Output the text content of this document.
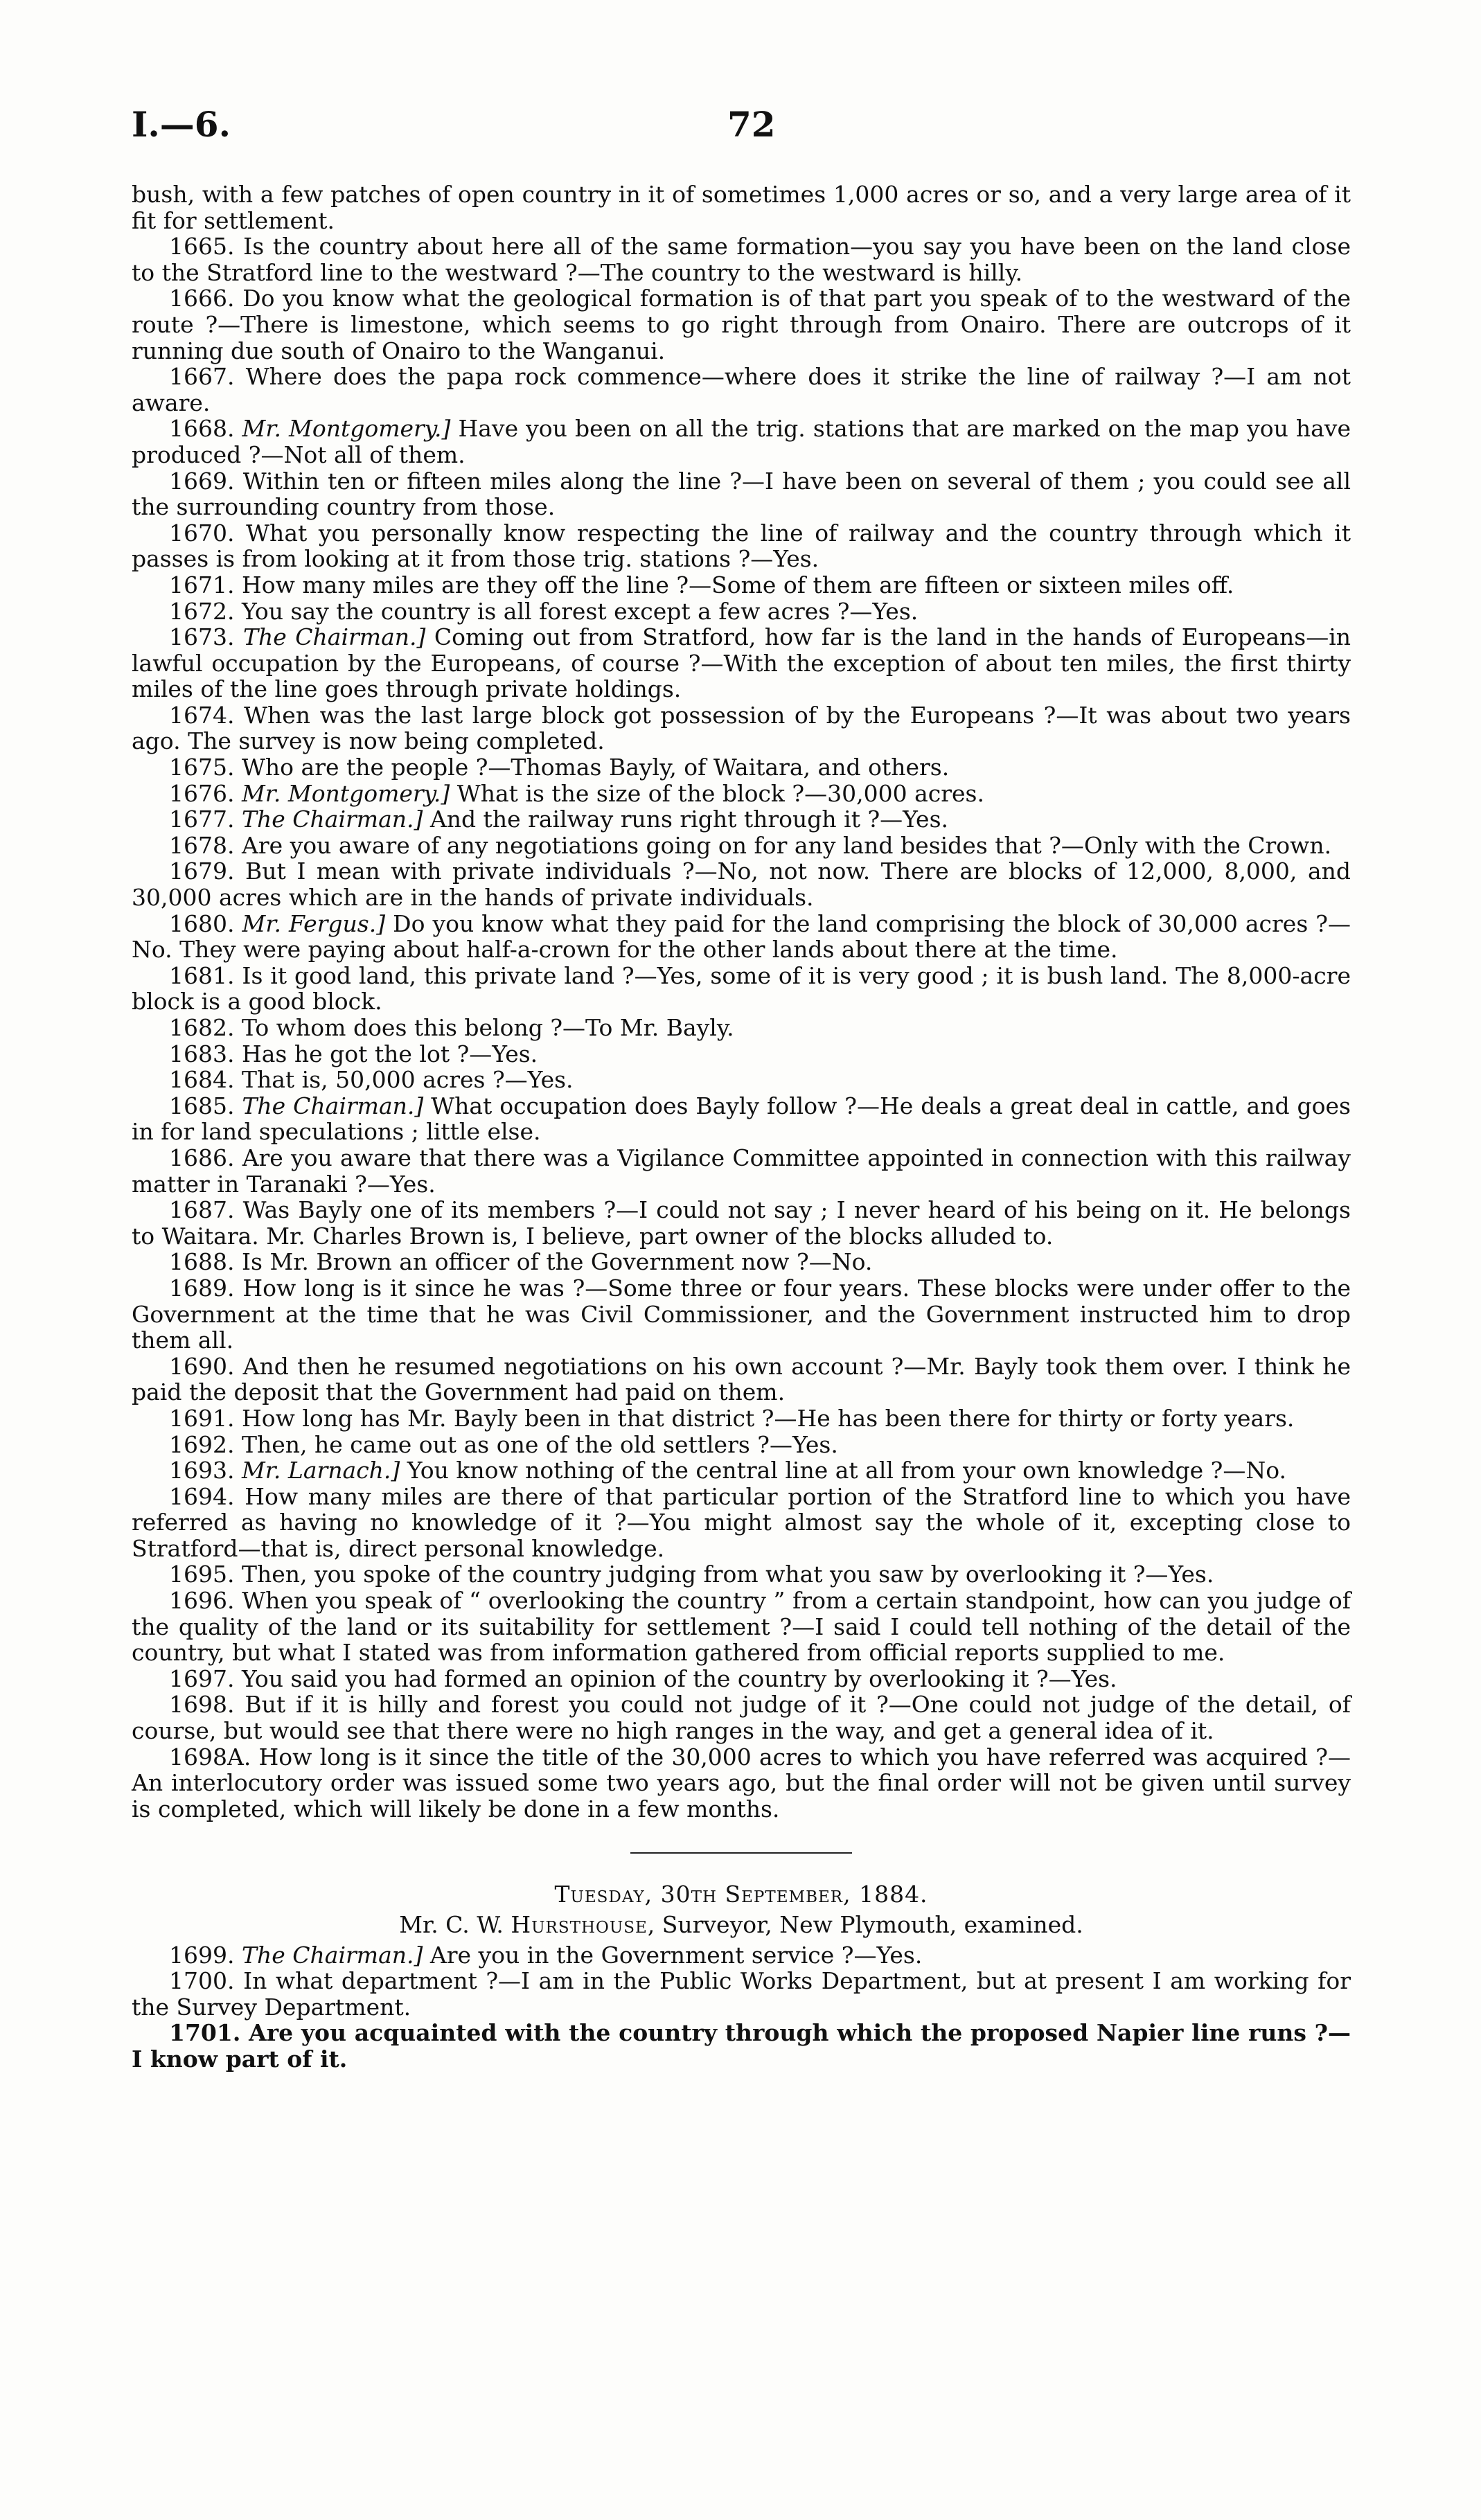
I.—6.	72

bush, with a few patches of open country in it of sometimes 1,000 acres or so, and a very large area of it fit for settlement.

1665. Is the country about here all of the same formation—you say you have been on the land close to the Stratford line to the westward ?—The country to the westward is hilly.

1666. Do you know what the geological formation is of that part you speak of to the westward of the route ?—There is limestone, which seems to go right through from Onairo. There are outcrops of it running due south of Onairo to the Wanganui.

1667. Where does the papa rock commence—where does it strike the line of railway ?—I am not aware.

1668. Mr. Montgomery.] Have you been on all the trig. stations that are marked on the map you have produced ?—Not all of them.

1669. Within ten or fifteen miles along the line ?—I have been on several of them ; you could see all the surrounding country from those.

1670. What you personally know respecting the line of railway and the country through which it passes is from looking at it from those trig. stations ?—Yes.

1671. How many miles are they off the line ?—Some of them are fifteen or sixteen miles off.

1672. You say the country is all forest except a few acres ?—Yes.

1673. The Chairman.] Coming out from Stratford, how far is the land in the hands of Europeans—in lawful occupation by the Europeans, of course ?—With the exception of about ten miles, the first thirty miles of the line goes through private holdings.

1674. When was the last large block got possession of by the Europeans ?—It was about two years ago. The survey is now being completed.

1675. Who are the people ?—Thomas Bayly, of Waitara, and others.

1676. Mr. Montgomery.] What is the size of the block ?—30,000 acres.

1677. The Chairman.] And the railway runs right through it ?—Yes.

1678. Are you aware of any negotiations going on for any land besides that ?—Only with the Crown.

1679. But I mean with private individuals ?—No, not now. There are blocks of 12,000, 8,000, and 30,000 acres which are in the hands of private individuals.

1680. Mr. Fergus.] Do you know what they paid for the land comprising the block of 30,000 acres ?—No. They were paying about half-a-crown for the other lands about there at the time.

1681. Is it good land, this private land ?—Yes, some of it is very good ; it is bush land. The 8,000-acre block is a good block.

1682. To whom does this belong ?—To Mr. Bayly.

1683. Has he got the lot ?—Yes.

1684. That is, 50,000 acres ?—Yes.

1685. The Chairman.] What occupation does Bayly follow ?—He deals a great deal in cattle, and goes in for land speculations ; little else.

1686. Are you aware that there was a Vigilance Committee appointed in connection with this railway matter in Taranaki ?—Yes.

1687. Was Bayly one of its members ?—I could not say ; I never heard of his being on it. He belongs to Waitara. Mr. Charles Brown is, I believe, part owner of the blocks alluded to.

1688. Is Mr. Brown an officer of the Government now ?—No.

1689. How long is it since he was ?—Some three or four years. These blocks were under offer to the Government at the time that he was Civil Commissioner, and the Government instructed him to drop them all.

1690. And then he resumed negotiations on his own account ?—Mr. Bayly took them over. I think he paid the deposit that the Government had paid on them.

1691. How long has Mr. Bayly been in that district ?—He has been there for thirty or forty years.

1692. Then, he came out as one of the old settlers ?—Yes.

1693. Mr. Larnach.] You know nothing of the central line at all from your own knowledge ?—No.

1694. How many miles are there of that particular portion of the Stratford line to which you have referred as having no knowledge of it ?—You might almost say the whole of it, excepting close to Stratford—that is, direct personal knowledge.

1695. Then, you spoke of the country judging from what you saw by overlooking it ?—Yes.

1696. When you speak of “ overlooking the country ” from a certain standpoint, how can you judge of the quality of the land or its suitability for settlement ?—I said I could tell nothing of the detail of the country, but what I stated was from information gathered from official reports supplied to me.

1697. You said you had formed an opinion of the country by overlooking it ?—Yes.

1698. But if it is hilly and forest you could not judge of it ?—One could not judge of the detail, of course, but would see that there were no high ranges in the way, and get a general idea of it.

1698A. How long is it since the title of the 30,000 acres to which you have referred was acquired ?—An interlocutory order was issued some two years ago, but the final order will not be given until survey is completed, which will likely be done in a few months.

Tuesday, 30th September, 1884.

Mr. C. W. Hursthouse, Surveyor, New Plymouth, examined.

1699. The Chairman.] Are you in the Government service ?—Yes.

1700. In what department ?—I am in the Public Works Department, but at present I am working for the Survey Department.

1701. Are you acquainted with the country through which the proposed Napier line runs ?—I know part of it.
